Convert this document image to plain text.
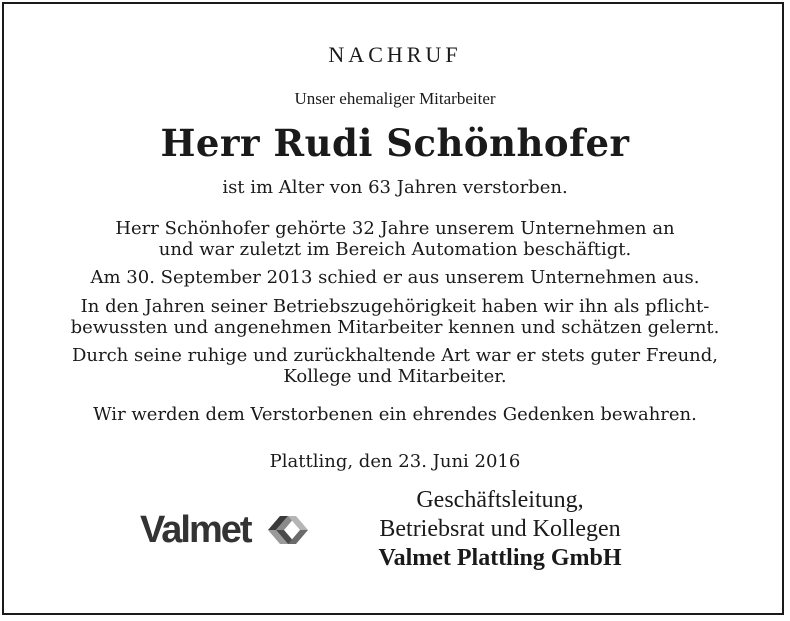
NACHRUF
Unser ehemaliger Mitarbeiter
Herr Rudi Schönhofer
ist im Alter von 63 Jahren verstorben.
Herr Schönhofer gehörte 32 Jahre unserem Unternehmen an
und war zuletzt im Bereich Automation beschäftigt.
Am 30. September 2013 schied er aus unserem Unternehmen aus.
In den Jahren seiner Betriebszugehörigkeit haben wir ihn als pflicht-
bewussten und angenehmen Mitarbeiter kennen und schätzen gelernt.
Durch seine ruhige und zurückhaltende Art war er stets guter Freund,
Kollege und Mitarbeiter.
Wir werden dem Verstorbenen ein ehrendes Gedenken bewahren.
Plattling, den 23. Juni 2016
Valmet
Geschäftsleitung,
Betriebsrat und Kollegen
Valmet Plattling GmbH
